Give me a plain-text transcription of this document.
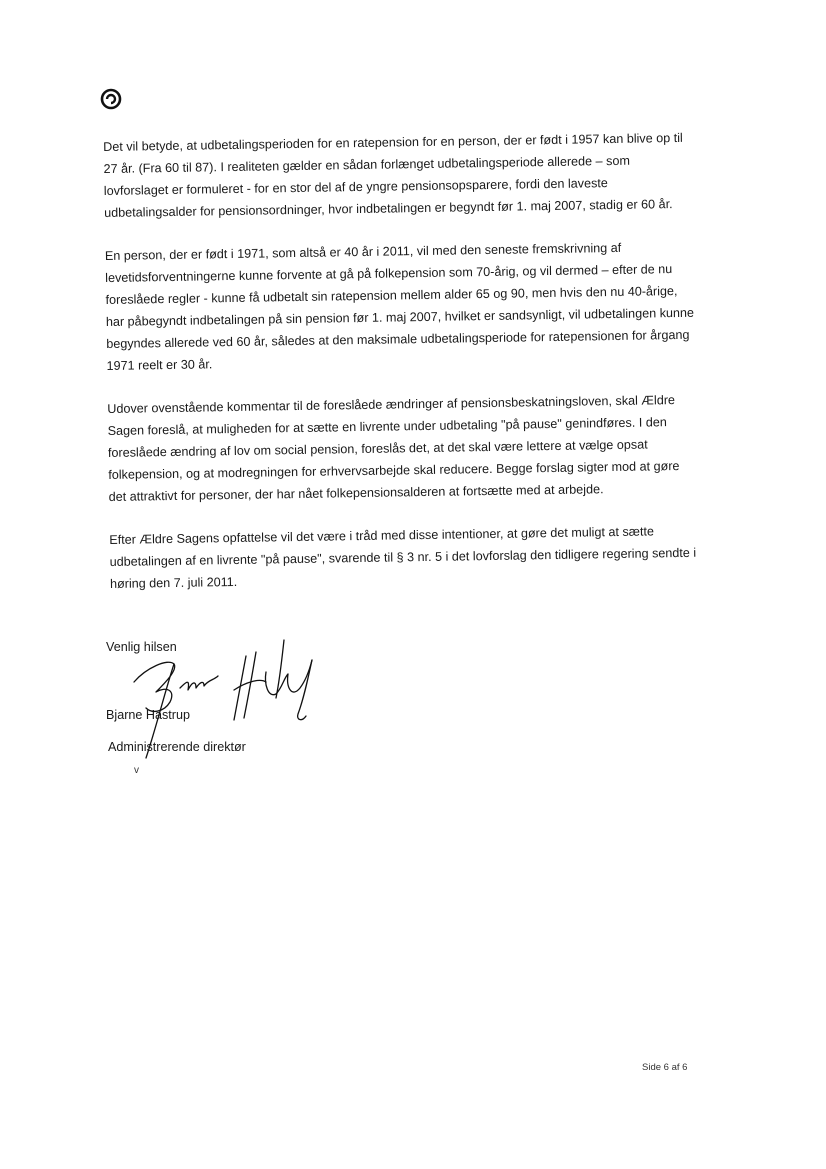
Det vil betyde, at udbetalingsperioden for en ratepension for en person, der er født i 1957 kan blive op til 27 år. (Fra 60 til 87). I realiteten gælder en sådan forlænget udbetalingsperiode allerede – som lovforslaget er formuleret - for en stor del af de yngre pensionsopsparere, fordi den laveste udbetalingsalder for pensionsordninger, hvor indbetalingen er begyndt før 1. maj 2007, stadig er 60 år.

En person, der er født i 1971, som altså er 40 år i 2011, vil med den seneste fremskrivning af levetidsforventningerne kunne forvente at gå på folkepension som 70-årig, og vil dermed – efter de nu foreslåede regler - kunne få udbetalt sin ratepension mellem alder 65 og 90, men hvis den nu 40-årige, har påbegyndt indbetalingen på sin pension før 1. maj 2007, hvilket er sandsynligt, vil udbetalingen kunne begyndes allerede ved 60 år, således at den maksimale udbetalingsperiode for ratepensionen for årgang 1971 reelt er 30 år.

Udover ovenstående kommentar til de foreslåede ændringer af pensionsbeskatningsloven, skal Ældre Sagen foreslå, at muligheden for at sætte en livrente under udbetaling "på pause" genindføres. I den foreslåede ændring af lov om social pension, foreslås det, at det skal være lettere at vælge opsat folkepension, og at modregningen for erhvervsarbejde skal reducere. Begge forslag sigter mod at gøre det attraktivt for personer, der har nået folkepensionsalderen at fortsætte med at arbejde.

Efter Ældre Sagens opfattelse vil det være i tråd med disse intentioner, at gøre det muligt at sætte udbetalingen af en livrente "på pause", svarende til § 3 nr. 5 i det lovforslag den tidligere regering sendte i høring den 7. juli 2011.

Venlig hilsen
Bjarne Hastrup
Administrerende direktør
v
Side 6 af 6
